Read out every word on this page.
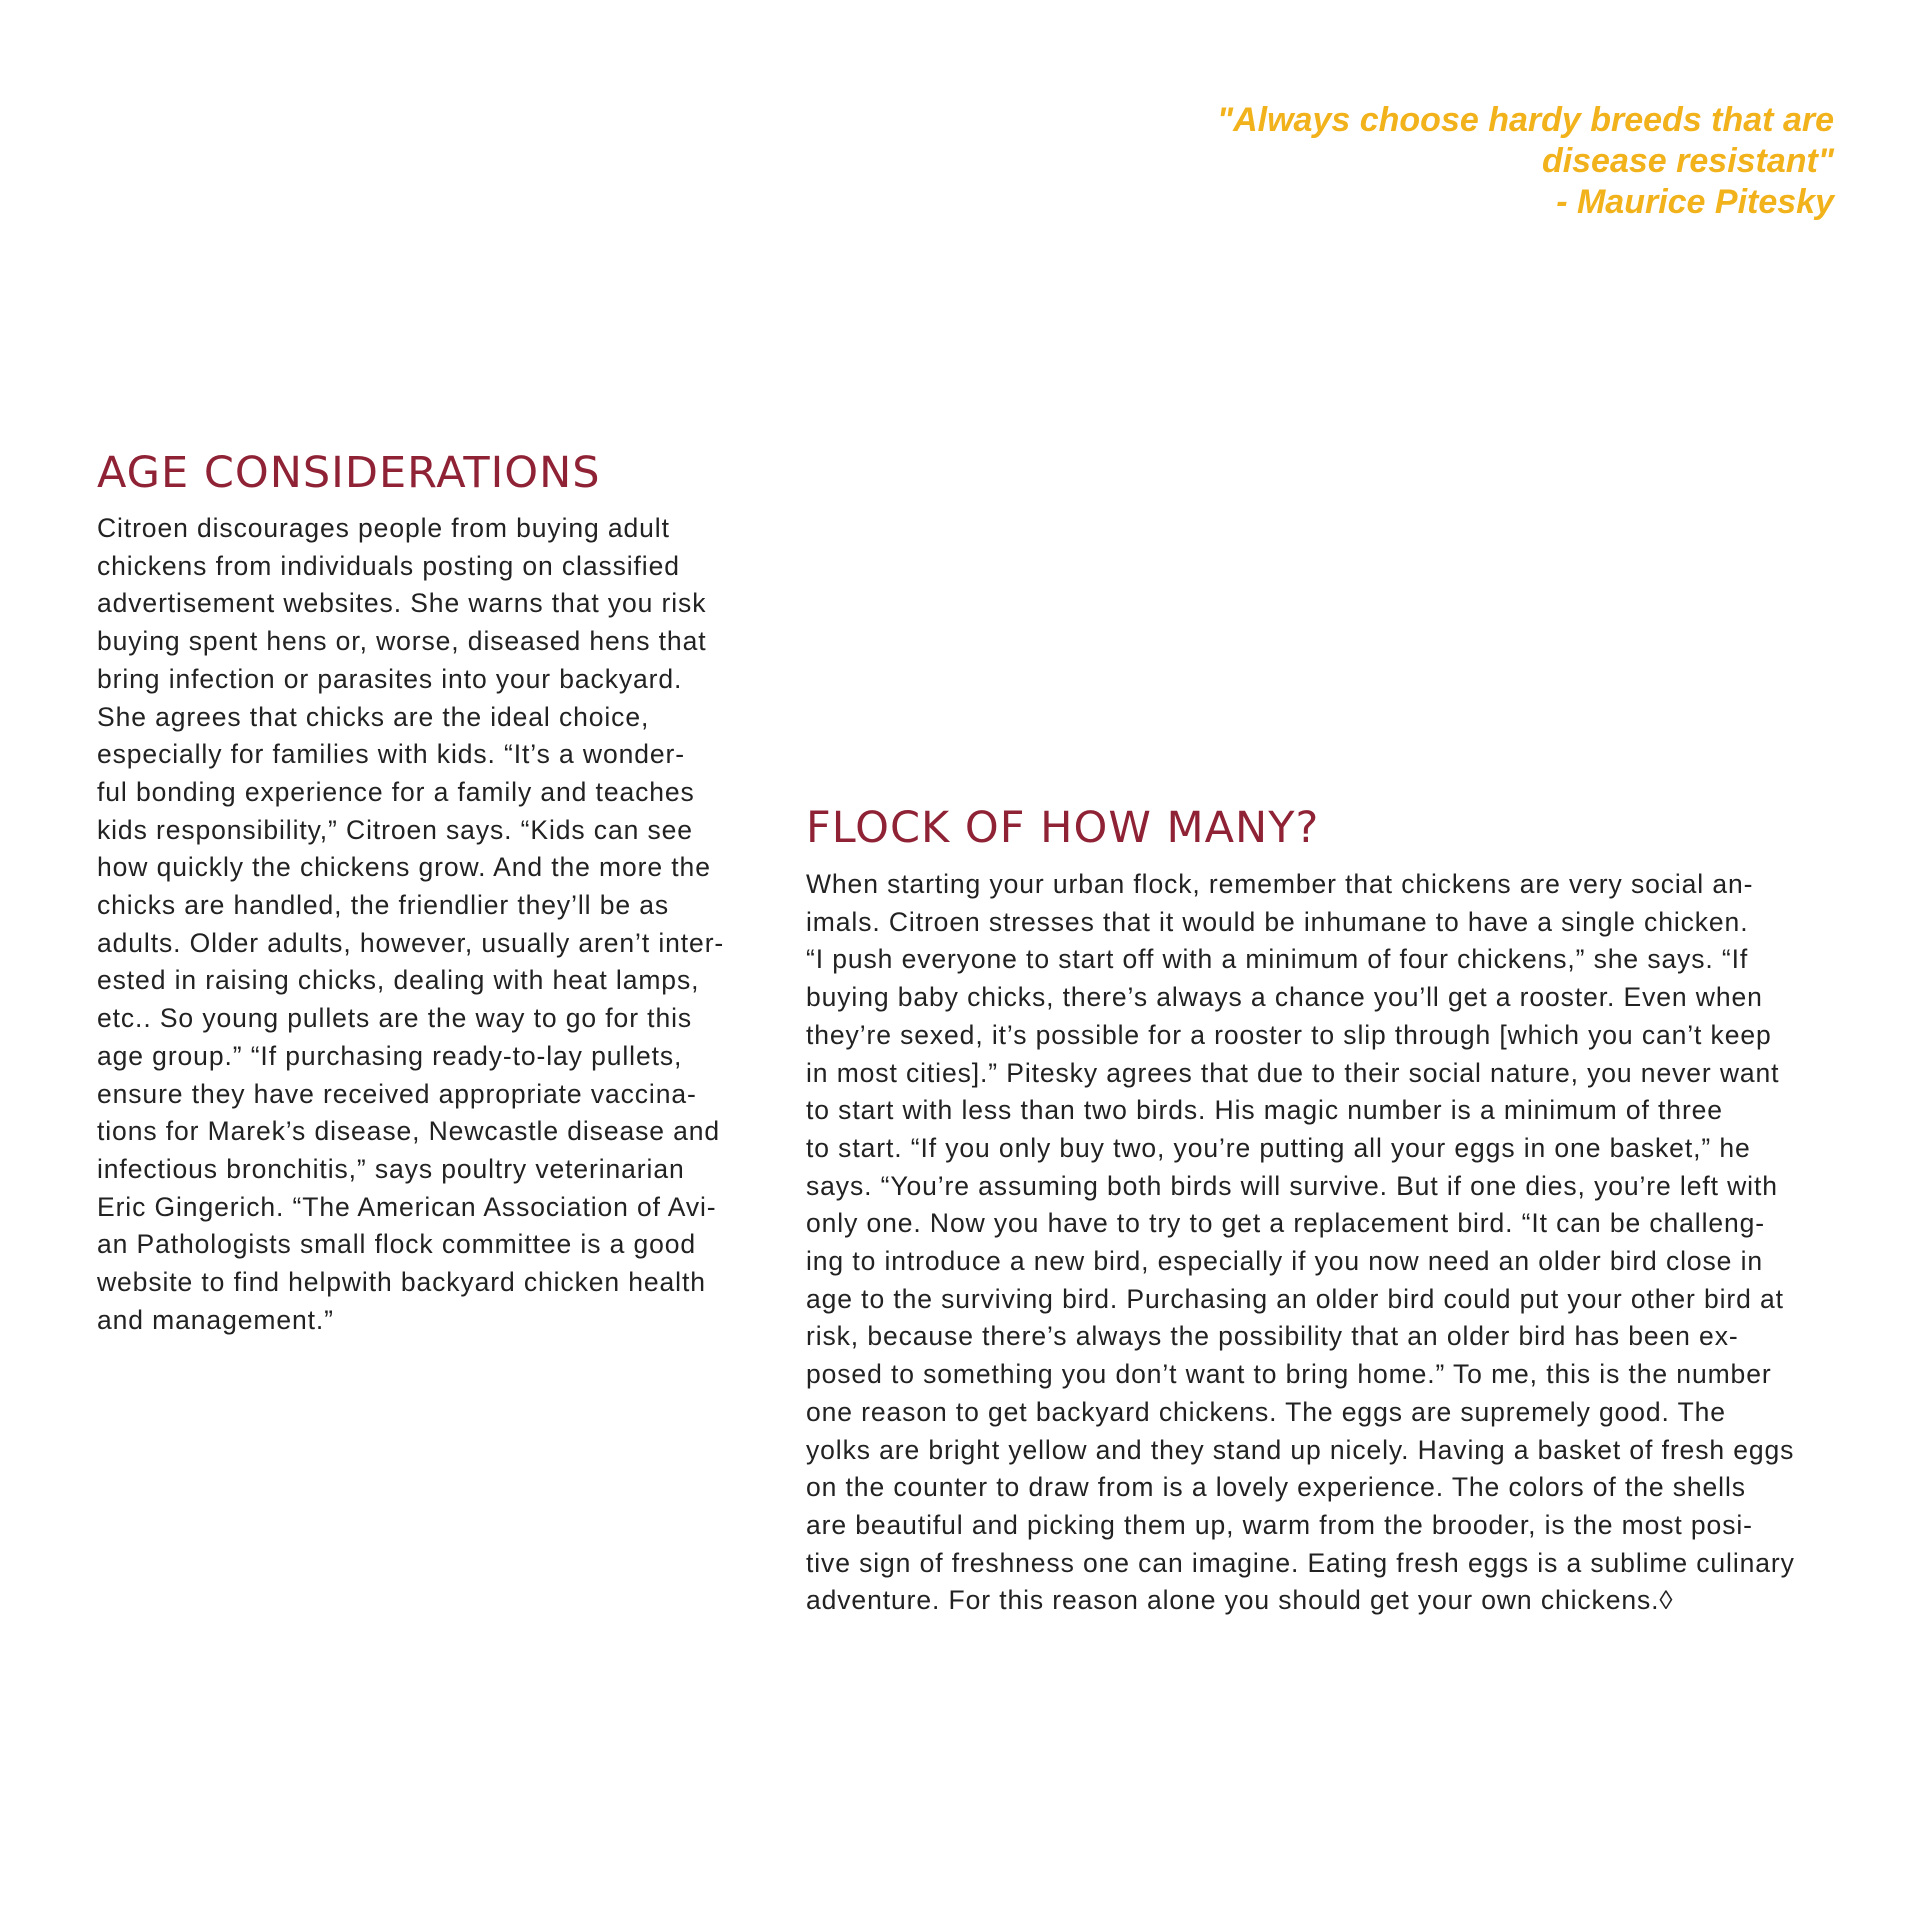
"Always choose hardy breeds that are
disease resistant"
- Maurice Pitesky
AGE CONSIDERATIONS
Citroen discourages people from buying adult
chickens from individuals posting on classified
advertisement websites. She warns that you risk
buying spent hens or, worse, diseased hens that
bring infection or parasites into your backyard.
She agrees that chicks are the ideal choice,
especially for families with kids. “It’s a wonder-
ful bonding experience for a family and teaches
kids responsibility,” Citroen says. “Kids can see
how quickly the chickens grow. And the more the
chicks are handled, the friendlier they’ll be as
adults. Older adults, however, usually aren’t inter-
ested in raising chicks, dealing with heat lamps,
etc.. So young pullets are the way to go for this
age group.” “If purchasing ready-to-lay pullets,
ensure they have received appropriate vaccina-
tions for Marek’s disease, Newcastle disease and
infectious bronchitis,” says poultry veterinarian
Eric Gingerich. “The American Association of Avi-
an Pathologists small flock committee is a good
website to find helpwith backyard chicken health
and management.”
FLOCK OF HOW MANY?
When starting your urban flock, remember that chickens are very social an-
imals. Citroen stresses that it would be inhumane to have a single chicken.
“I push everyone to start off with a minimum of four chickens,” she says. “If
buying baby chicks, there’s always a chance you’ll get a rooster. Even when
they’re sexed, it’s possible for a rooster to slip through [which you can’t keep
in most cities].” Pitesky agrees that due to their social nature, you never want
to start with less than two birds. His magic number is a minimum of three
to start. “If you only buy two, you’re putting all your eggs in one basket,” he
says. “You’re assuming both birds will survive. But if one dies, you’re left with
only one. Now you have to try to get a replacement bird. “It can be challeng-
ing to introduce a new bird, especially if you now need an older bird close in
age to the surviving bird. Purchasing an older bird could put your other bird at
risk, because there’s always the possibility that an older bird has been ex-
posed to something you don’t want to bring home.” To me, this is the number
one reason to get backyard chickens. The eggs are supremely good. The
yolks are bright yellow and they stand up nicely. Having a basket of fresh eggs
on the counter to draw from is a lovely experience. The colors of the shells
are beautiful and picking them up, warm from the brooder, is the most posi-
tive sign of freshness one can imagine. Eating fresh eggs is a sublime culinary
adventure. For this reason alone you should get your own chickens.◊
